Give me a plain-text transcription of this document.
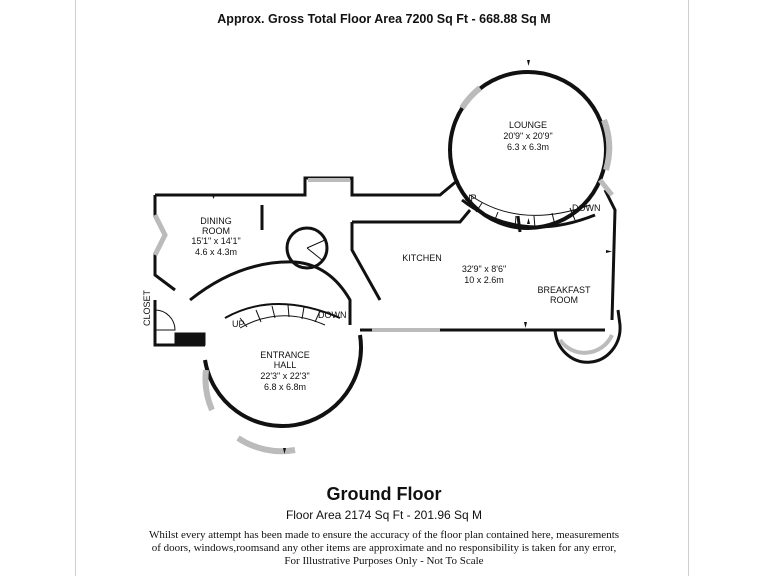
Approx. Gross Total Floor Area 7200 Sq Ft - 668.88 Sq M
LOUNGE
20'9" x 20'9"
6.3 x 6.3m
DINING
ROOM
15'1" x 14'1"
4.6 x 4.3m
KITCHEN
32'9" x 8'6"
10 x 2.6m
BREAKFAST
ROOM
ENTRANCE
HALL
22'3" x 22'3"
6.8 x 6.8m
UP
DOWN
UP
DOWN
CLOSET
Ground Floor
Floor Area 2174 Sq Ft - 201.96 Sq M
Whilst every attempt has been made to ensure the accuracy of the floor plan contained here, measurements
of doors, windows,roomsand any other items are approximate and no responsibility is taken for any error,
For Illustrative Purposes Only - Not To Scale
